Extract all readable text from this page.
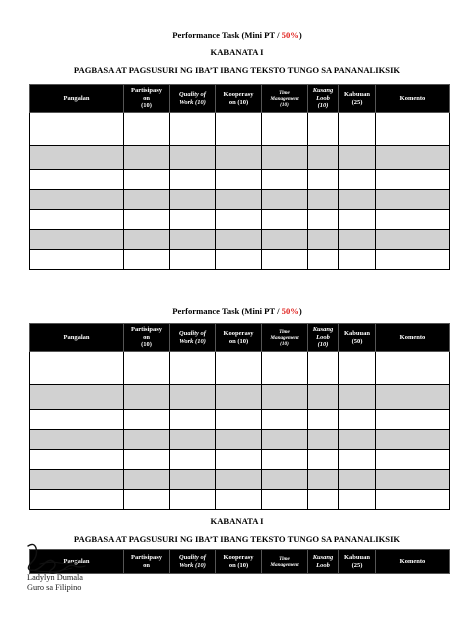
Performance Task (Mini PT / 50%)
KABANATA I
PAGBASA AT PAGSUSURI NG IBA’T IBANG TEKSTO TUNGO SA PANANALIKSIK
Pangalan	Partisipasy
on
(10)	Quality of
Work (10)	Kooperasy
on (10)	Time
Management
(10)	Kusang
Loob
(10)	Kabuuan
(25)	Komento

Performance Task (Mini PT / 50%)
Pangalan	Partisipasy
on
(10)	Quality of
Work (10)	Kooperasy
on (10)	Time
Management
(10)	Kusang
Loob
(10)	Kabuuan
(50)	Komento

KABANATA I
PAGBASA AT PAGSUSURI NG IBA’T IBANG TEKSTO TUNGO SA PANANALIKSIK
Pangalan	Partisipasy
on	Quality of
Work (10)	Kooperasy
on (10)	Time
Management	Kusang
Loob	Kabuuan
(25)	Komento
Ladylyn Dumala
Guro sa Filipino
